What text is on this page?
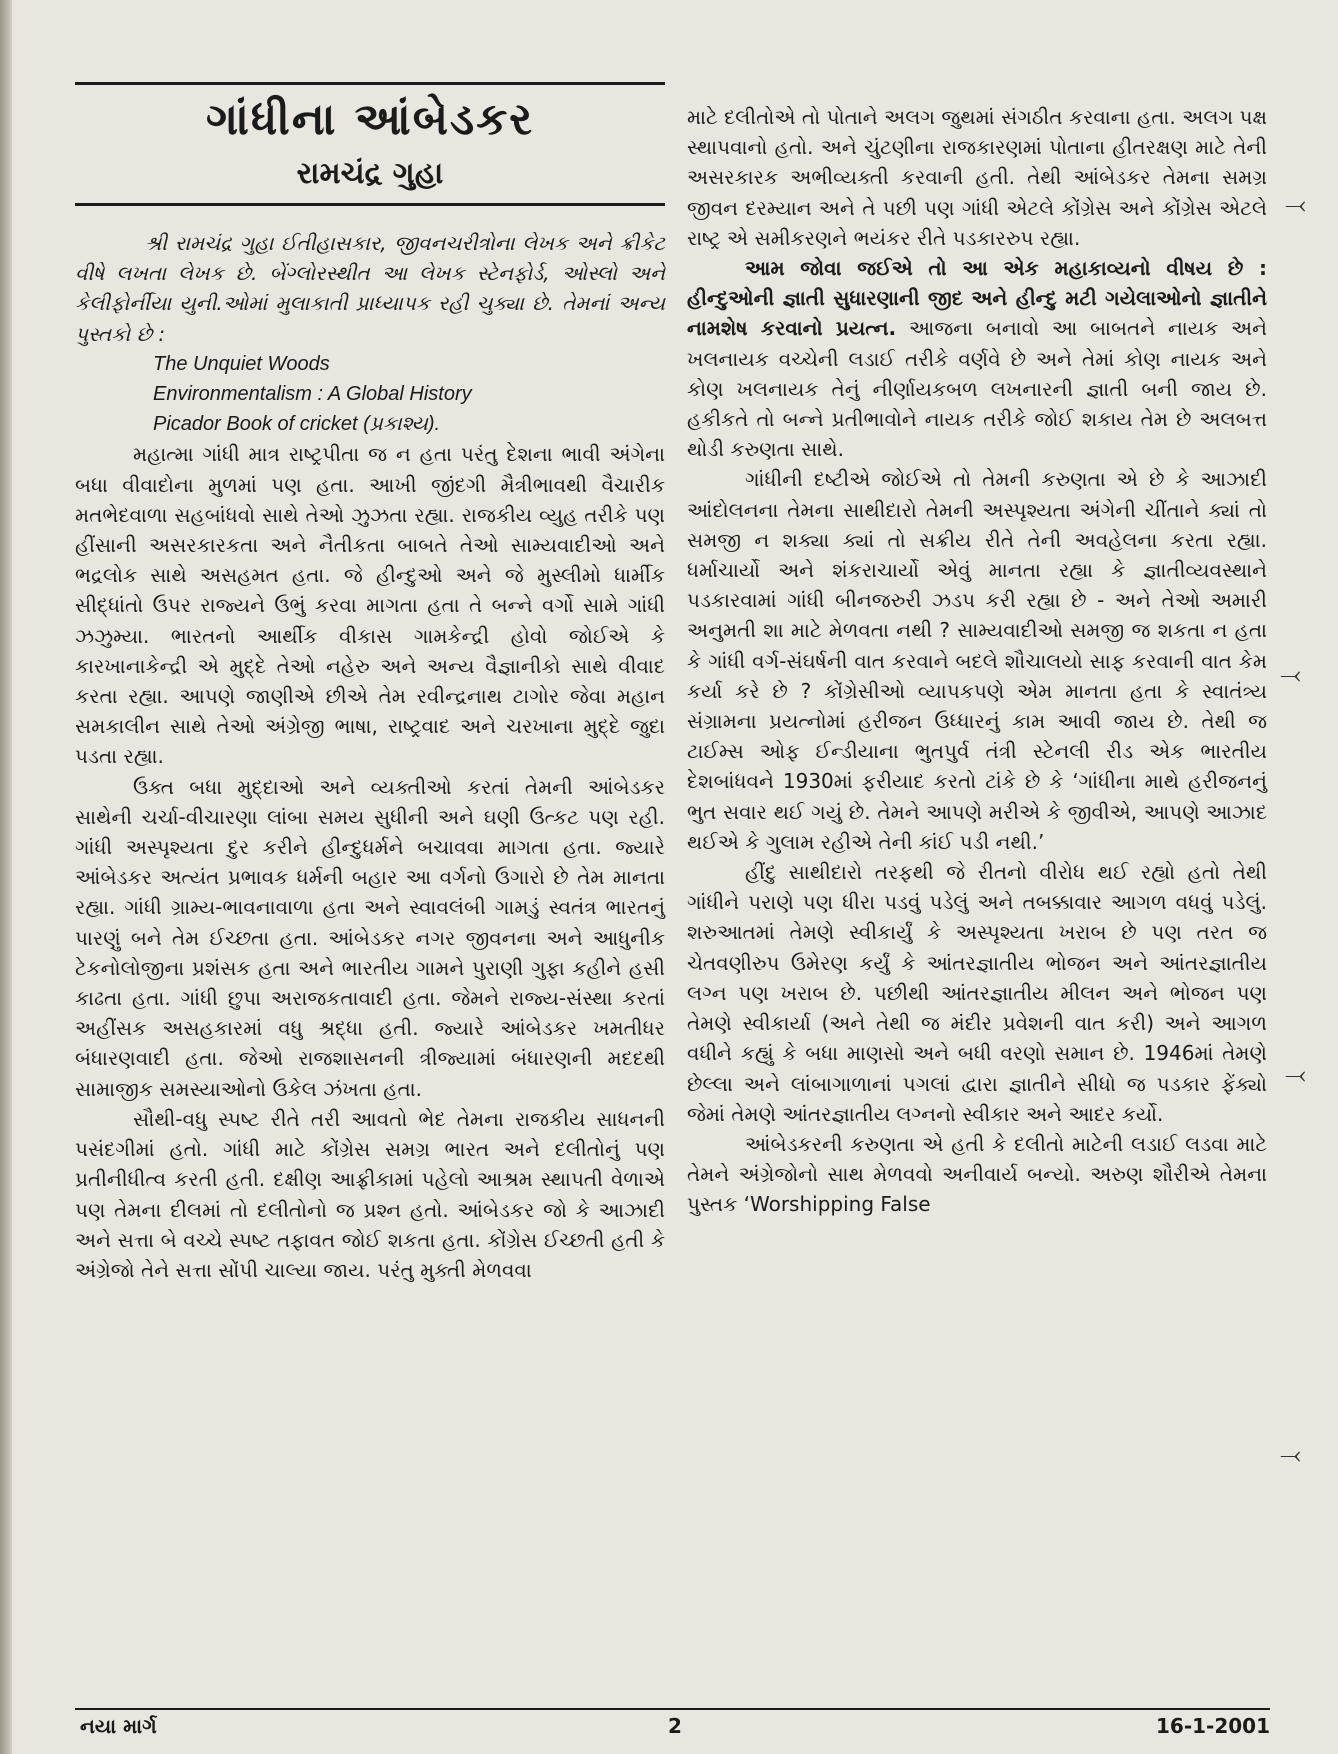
ગાંધીના આંબેડકર
રામચંદ્ર ગુહા

શ્રી રામચંદ્ર ગુહા ઈતીહાસકાર, જીવનચરીત્રોના લેખક અને ક્રીકેટ વીષે લખતા લેખક છે. બેંગ્લોરસ્થીત આ લેખક સ્ટેનફોર્ડ, ઓસ્લો અને કેલીફોર્નીયા યુની.ઓમાં મુલાકાતી પ્રાધ્યાપક રહી ચુક્યા છે. તેમનાં અન્ય પુસ્તકો છે :

The Unquiet Woods
Environmentalism : A Global History
Picador Book of cricket (પ્રકાશ્ય).

મહાત્મા ગાંધી માત્ર રાષ્ટ્રપીતા જ ન હતા પરંતુ દેશના ભાવી અંગેના બધા વીવાદોના મુળમાં પણ હતા. આખી જીંદગી મૈત્રીભાવથી વૈચારીક મતભેદવાળા સહબાંધવો સાથે તેઓ ઝુઝતા રહ્યા. રાજકીય વ્યુહ તરીકે પણ હીંસાની અસરકારકતા અને નૈતીકતા બાબતે તેઓ સામ્યવાદીઓ અને ભદ્રલોક સાથે અસહમત હતા. જે હીન્દુઓ અને જે મુસ્લીમો ધાર્મીક સીદ્ધાંતો ઉપર રાજ્યને ઉભું કરવા માગતા હતા તે બન્ને વર્ગો સામે ગાંધી ઝઝુમ્યા. ભારતનો આર્થીક વીકાસ ગામકેન્દ્રી હોવો જોઈએ કે કારખાનાકેન્દ્રી એ મુદ્દે તેઓ નહેરુ અને અન્ય વૈજ્ઞાનીકો સાથે વીવાદ કરતા રહ્યા. આપણે જાણીએ છીએ તેમ રવીન્દ્રનાથ ટાગોર જેવા મહાન સમકાલીન સાથે તેઓ અંગ્રેજી ભાષા, રાષ્ટ્રવાદ અને ચરખાના મુદ્દે જુદા પડતા રહ્યા.

ઉક્ત બધા મુદ્દાઓ અને વ્યક્તીઓ કરતાં તેમની આંબેડકર સાથેની ચર્ચા-વીચારણા લાંબા સમય સુધીની અને ઘણી ઉત્કટ પણ રહી. ગાંધી અસ્પૃશ્યતા દુર કરીને હીન્દુધર્મને બચાવવા માગતા હતા. જ્યારે આંબેડકર અત્યંત પ્રભાવક ધર્મની બહાર આ વર્ગનો ઉગારો છે તેમ માનતા રહ્યા. ગાંધી ગ્રામ્ય-ભાવનાવાળા હતા અને સ્વાવલંબી ગામડું સ્વતંત્ર ભારતનું પારણું બને તેમ ઈચ્છતા હતા. આંબેડકર નગર જીવનના અને આધુનીક ટેકનોલોજીના પ્રશંસક હતા અને ભારતીય ગામને પુરાણી ગુફા કહીને હસી કાઢતા હતા. ગાંધી છુપા અરાજકતાવાદી હતા. જેમને રાજ્ય-સંસ્થા કરતાં અહીંસક અસહકારમાં વધુ શ્રદ્ધા હતી. જ્યારે આંબેડકર ખમતીધર બંધારણવાદી હતા. જેઓ રાજશાસનની ત્રીજ્યામાં બંધારણની મદદથી સામાજીક સમસ્યાઓનો ઉકેલ ઝંખતા હતા.

સૌથી-વધુ સ્પષ્ટ રીતે તરી આવતો ભેદ તેમના રાજકીય સાધનની પસંદગીમાં હતો. ગાંધી માટે કોંગ્રેસ સમગ્ર ભારત અને દલીતોનું પણ પ્રતીનીધીત્વ કરતી હતી. દક્ષીણ આફ્રીકામાં પહેલો આશ્રમ સ્થાપતી વેળાએ પણ તેમના દીલમાં તો દલીતોનો જ પ્રશ્ન હતો. આંબેડકર જો કે આઝાદી અને સત્તા બે વચ્ચે સ્પષ્ટ તફાવત જોઈ શકતા હતા. કોંગ્રેસ ઈચ્છતી હતી કે અંગ્રેજો તેને સત્તા સોંપી ચાલ્યા જાય. પરંતુ મુક્તી મેળવવા

માટે દલીતોએ તો પોતાને અલગ જુથમાં સંગઠીત કરવાના હતા. અલગ પક્ષ સ્થાપવાનો હતો. અને ચુંટણીના રાજકારણમાં પોતાના હીતરક્ષણ માટે તેની અસરકારક અભીવ્યક્તી કરવાની હતી. તેથી આંબેડકર તેમના સમગ્ર જીવન દરમ્યાન અને તે પછી પણ ગાંધી એટલે કોંગ્રેસ અને કોંગ્રેસ એટલે રાષ્ટ્ર એ સમીકરણને ભયંકર રીતે પડકારરુપ રહ્યા.

આમ જોવા જઈએ તો આ એક મહાકાવ્યનો વીષય છે : હીન્દુઓની જ્ઞાતી સુધારણાની જીદ અને હીન્દુ મટી ગયેલાઓનો જ્ઞાતીને નામશેષ કરવાનો પ્રયત્ન. આજના બનાવો આ બાબતને નાયક અને ખલનાયક વચ્ચેની લડાઈ તરીકે વર્ણવે છે અને તેમાં કોણ નાયક અને કોણ ખલનાયક તેનું નીર્ણાયકબળ લખનારની જ્ઞાતી બની જાય છે. હકીકતે તો બન્ને પ્રતીભાવોને નાયક તરીકે જોઈ શકાય તેમ છે અલબત્ત થોડી કરુણતા સાથે.

ગાંધીની દષ્ટીએ જોઈએ તો તેમની કરુણતા એ છે કે આઝાદી આંદોલનના તેમના સાથીદારો તેમની અસ્પૃશ્યતા અંગેની ચીંતાને ક્યાં તો સમજી ન શક્યા ક્યાં તો સક્રીય રીતે તેની અવહેલના કરતા રહ્યા. ધર્માચાર્યો અને શંકરાચાર્યો એવું માનતા રહ્યા કે જ્ઞાતીવ્યવસ્થાને પડકારવામાં ગાંધી બીનજરુરી ઝડપ કરી રહ્યા છે - અને તેઓ અમારી અનુમતી શા માટે મેળવતા નથી ? સામ્યવાદીઓ સમજી જ શકતા ન હતા કે ગાંધી વર્ગ-સંઘર્ષની વાત કરવાને બદલે શૌચાલયો સાફ કરવાની વાત કેમ કર્યા કરે છે ? કોંગ્રેસીઓ વ્યાપકપણે એમ માનતા હતા કે સ્વાતંત્ર્ય સંગ્રામના પ્રયત્નોમાં હરીજન ઉધ્ધારનું કામ આવી જાય છે. તેથી જ ટાઈમ્સ ઓફ ઈન્ડીયાના ભુતપુર્વ તંત્રી સ્ટેનલી રીડ એક ભારતીય દેશબાંધવને 1930માં ફરીયાદ કરતો ટાંકે છે કે ‘ગાંધીના માથે હરીજનનું ભુત સવાર થઈ ગયું છે. તેમને આપણે મરીએ કે જીવીએ, આપણે આઝાદ થઈએ કે ગુલામ રહીએ તેની કાંઈ પડી નથી.’

હીંદુ સાથીદારો તરફથી જે રીતનો વીરોધ થઈ રહ્યો હતો તેથી ગાંધીને પરાણે પણ ધીરા પડવું પડેલું અને તબક્કાવાર આગળ વધવું પડેલું. શરુઆતમાં તેમણે સ્વીકાર્યું કે અસ્પૃશ્યતા ખરાબ છે પણ તરત જ ચેતવણીરુપ ઉમેરણ કર્યું કે આંતરજ્ઞાતીય ભોજન અને આંતરજ્ઞાતીય લગ્ન પણ ખરાબ છે. પછીથી આંતરજ્ઞાતીય મીલન અને ભોજન પણ તેમણે સ્વીકાર્યા (અને તેથી જ મંદીર પ્રવેશની વાત કરી) અને આગળ વધીને કહ્યું કે બધા માણસો અને બધી વરણો સમાન છે. 1946માં તેમણે છેલ્લા અને લાંબાગાળાનાં પગલાં દ્વારા જ્ઞાતીને સીધો જ પડકાર ફેંક્યો જેમાં તેમણે આંતરજ્ઞાતીય લગ્નનો સ્વીકાર અને આદર કર્યો.

આંબેડકરની કરુણતા એ હતી કે દલીતો માટેની લડાઈ લડવા માટે તેમને અંગ્રેજોનો સાથ મેળવવો અનીવાર્ય બન્યો. અરુણ શૌરીએ તેમના પુસ્તક ‘Worshipping False

⤙
⤙
⤙
⤙
નયા માર્ગ	2	16-1-2001
